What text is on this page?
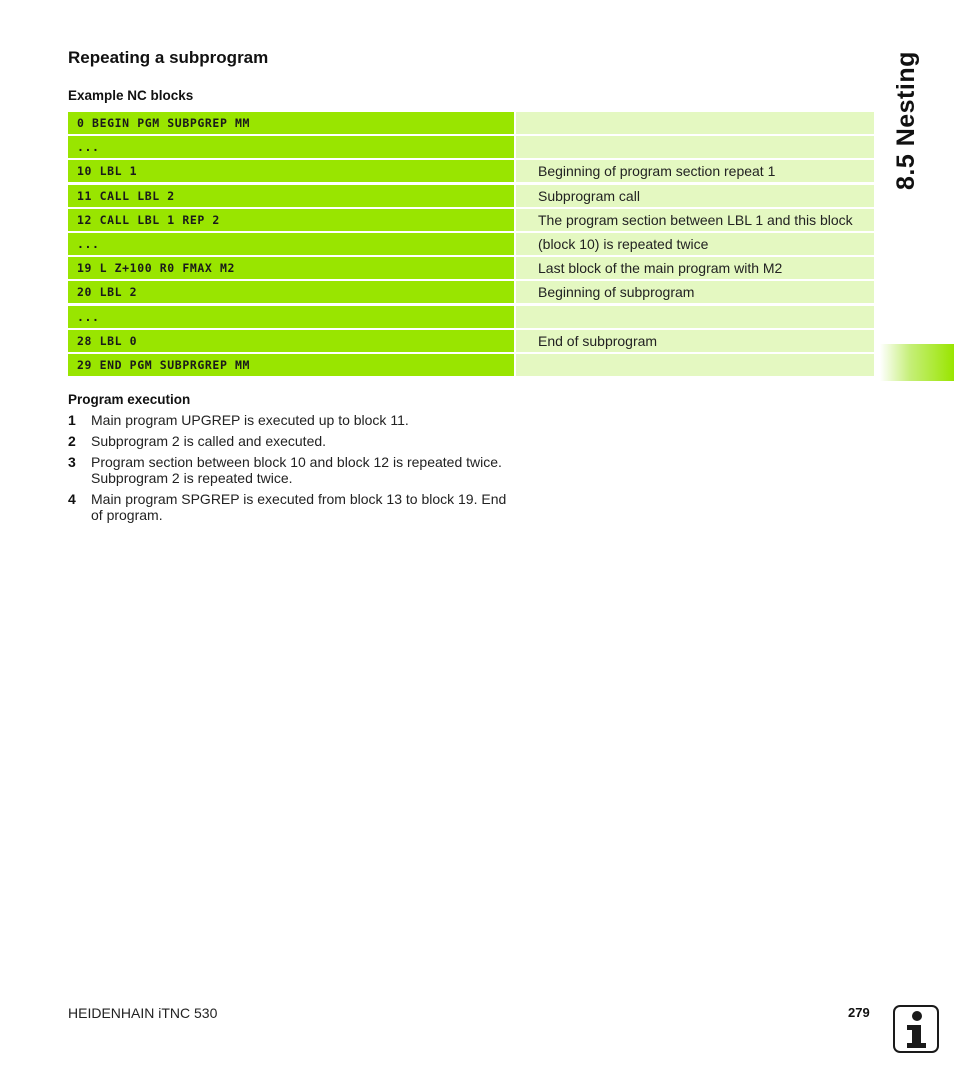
Repeating a subprogram
Example NC blocks
0 BEGIN PGM SUBPGREP MM
...
10 LBL 1	Beginning of program section repeat 1
11 CALL LBL 2	Subprogram call
12 CALL LBL 1 REP 2	The program section between LBL 1 and this block
...	(block 10) is repeated twice
19 L Z+100 R0 FMAX M2	Last block of the main program with M2
20 LBL 2	Beginning of subprogram
...
28 LBL 0	End of subprogram
29 END PGM SUBPRGREP MM
Program execution
1	Main program UPGREP is executed up to block 11.
2	Subprogram 2 is called and executed.
3	Program section between block 10 and block 12 is repeated twice. Subprogram 2 is repeated twice.
4	Main program SPGREP is executed from block 13 to block 19. End of program.
8.5 Nesting
HEIDENHAIN iTNC 530	279
